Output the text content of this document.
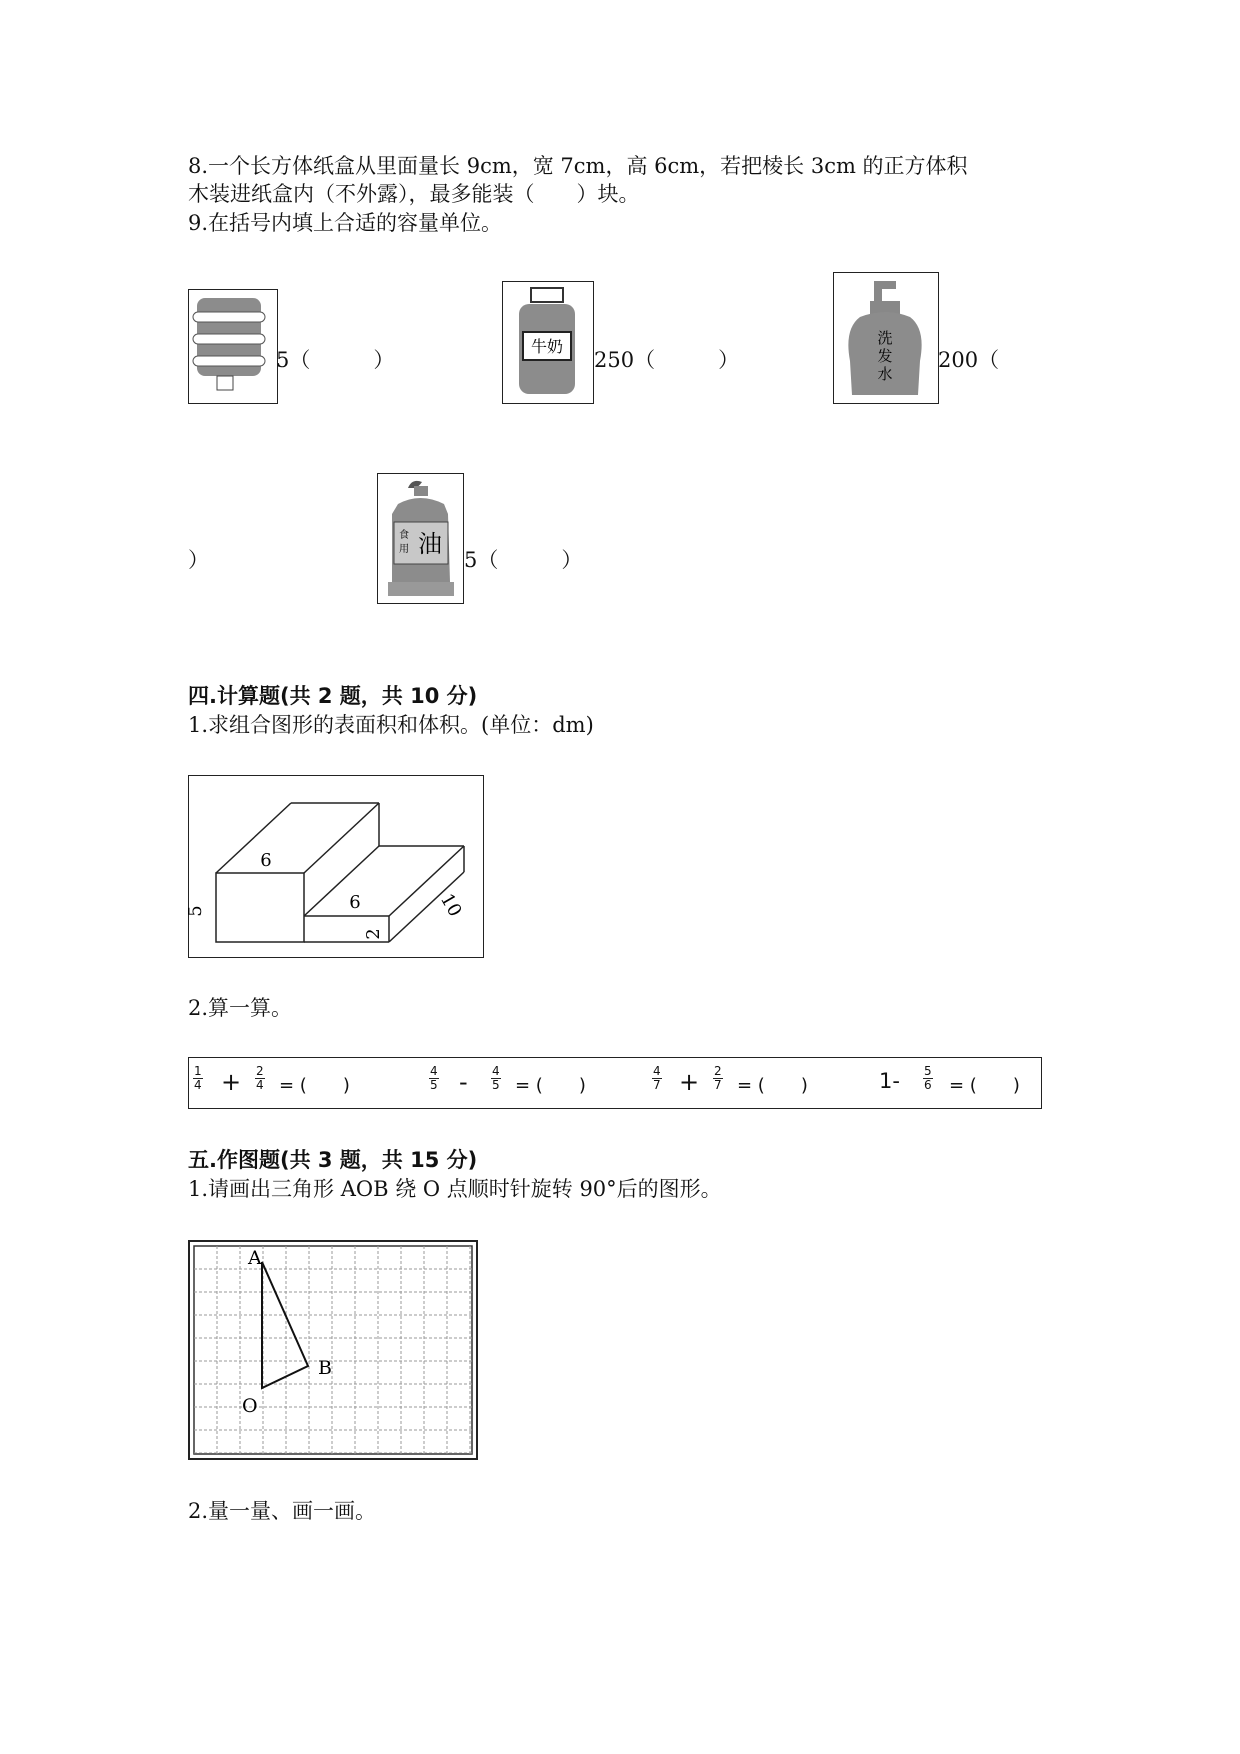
8.一个长方体纸盒从里面量长 9cm，宽 7cm，高 6cm，若把棱长 3cm 的正方体积
木装进纸盒内（不外露），最多能装（　　）块。
9.在括号内填上合适的容量单位。
5（　　　）
牛奶
250（　　　）
洗
发
水
200（
）
食
用 油
5（　　　）
四.计算题(共 2 题，共 10 分)
1.求组合图形的表面积和体积。(单位：dm)
6
5	6
2
10
2.算一算。
$\frac{1}{4} + \frac{2}{4}$ = (　　)	$\frac{4}{5} - \frac{4}{5}$ = (　　)	$\frac{4}{7} + \frac{2}{7}$ = (　　)	$1- \frac{5}{6}$ = (　　)
五.作图题(共 3 题，共 15 分)
1.请画出三角形 AOB 绕 O 点顺时针旋转 90°后的图形。
A
B
O
2.量一量、画一画。
